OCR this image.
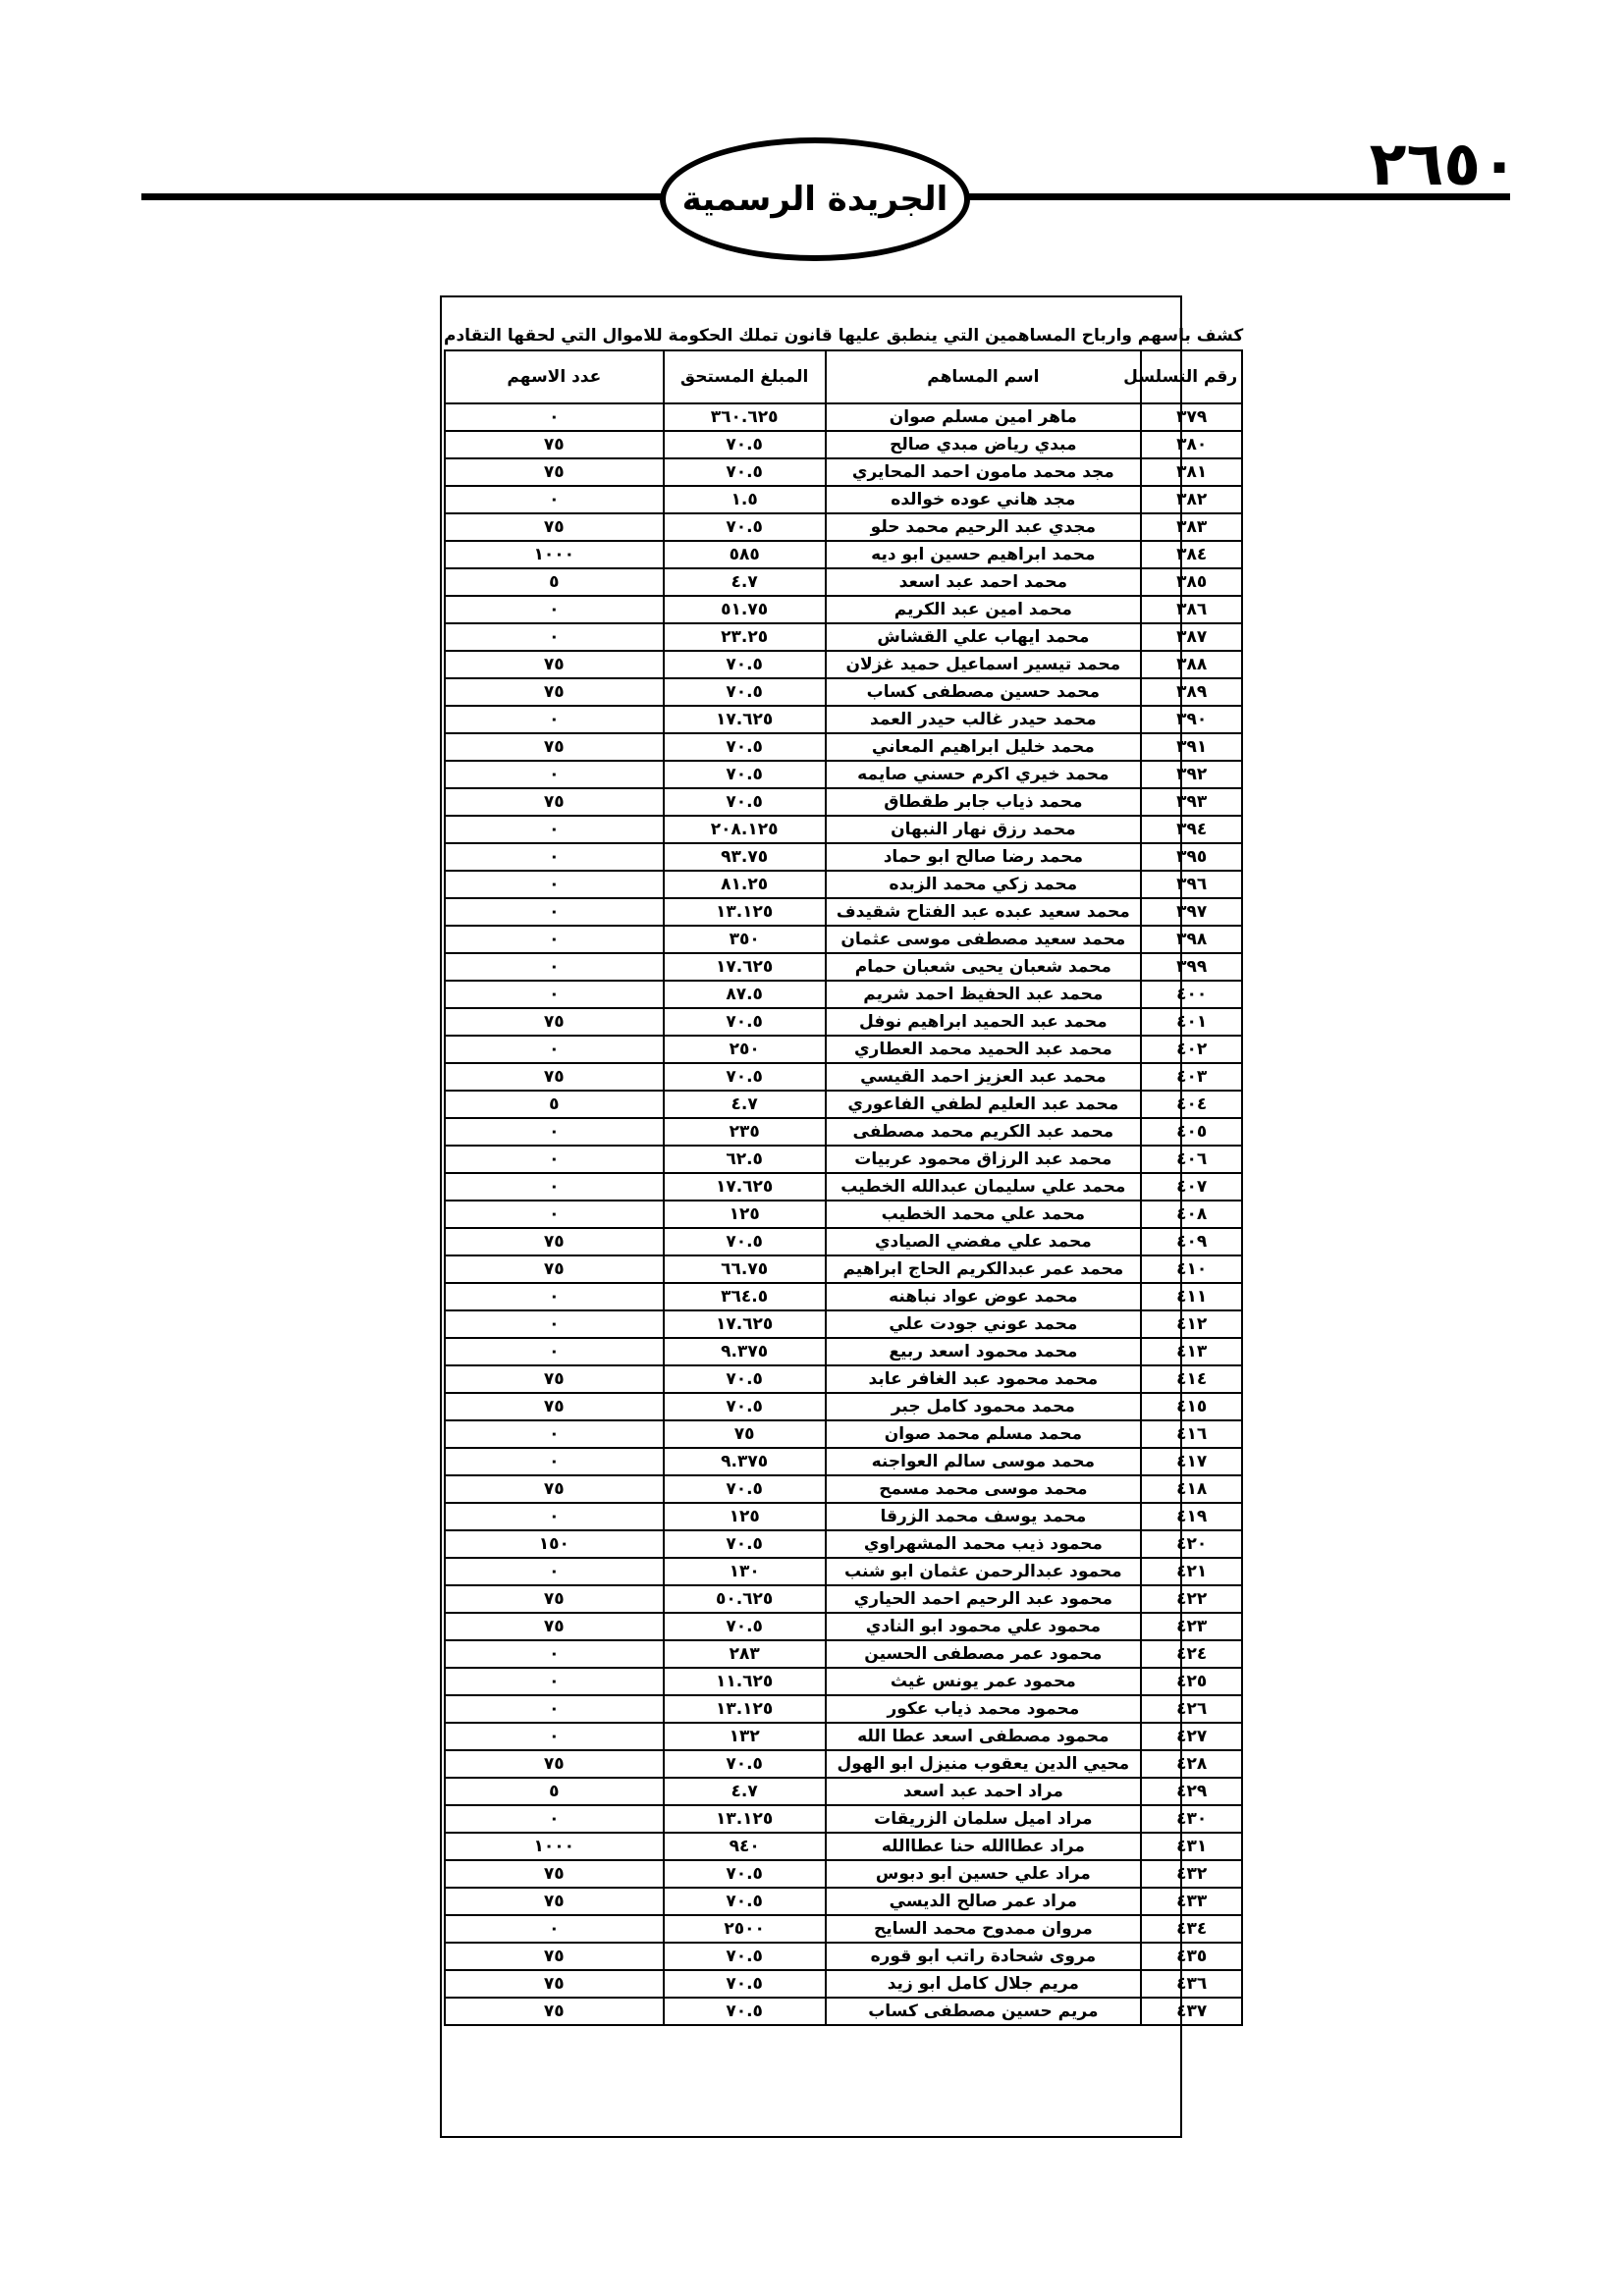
٢٦٥٠
الجريدة الرسمية
كشف باسهم وارباح المساهمين التي ينطبق عليها قانون تملك الحكومة للاموال التي لحقها التقادم
رقم التسلسل	اسم المساهم	المبلغ المستحق	عدد الاسهم
٣٧٩	ماهر امين مسلم صوان	٣٦٠.٦٢٥	٠
٣٨٠	مبدي رياض مبدي صالح	٧٠.٥	٧٥
٣٨١	مجد محمد مامون احمد المحايري	٧٠.٥	٧٥
٣٨٢	مجد هاني عوده خوالده	١.٥	٠
٣٨٣	مجدي عبد الرحيم محمد حلو	٧٠.٥	٧٥
٣٨٤	محمد ابراهيم حسين ابو ديه	٥٨٥	١٠٠٠
٣٨٥	محمد احمد عبد اسعد	٤.٧	٥
٣٨٦	محمد امين عبد الكريم	٥١.٧٥	٠
٣٨٧	محمد ايهاب علي القشاش	٢٣.٢٥	٠
٣٨٨	محمد تيسير اسماعيل حميد غزلان	٧٠.٥	٧٥
٣٨٩	محمد حسين مصطفى كساب	٧٠.٥	٧٥
٣٩٠	محمد حيدر غالب حيدر العمد	١٧.٦٢٥	٠
٣٩١	محمد خليل ابراهيم المعاني	٧٠.٥	٧٥
٣٩٢	محمد خيري اكرم حسني صايمه	٧٠.٥	٠
٣٩٣	محمد ذياب جابر طقطاق	٧٠.٥	٧٥
٣٩٤	محمد رزق نهار النبهان	٢٠٨.١٢٥	٠
٣٩٥	محمد رضا صالح ابو حماد	٩٣.٧٥	٠
٣٩٦	محمد زكي محمد الزبده	٨١.٢٥	٠
٣٩٧	محمد سعيد عبده عبد الفتاح شقيدف	١٣.١٢٥	٠
٣٩٨	محمد سعيد مصطفى موسى عثمان	٣٥٠	٠
٣٩٩	محمد شعبان يحيى شعبان حمام	١٧.٦٢٥	٠
٤٠٠	محمد عبد الحفيظ احمد شريم	٨٧.٥	٠
٤٠١	محمد عبد الحميد ابراهيم نوفل	٧٠.٥	٧٥
٤٠٢	محمد عبد الحميد محمد العطاري	٢٥٠	٠
٤٠٣	محمد عبد العزيز احمد القيسي	٧٠.٥	٧٥
٤٠٤	محمد عبد العليم لطفي الفاعوري	٤.٧	٥
٤٠٥	محمد عبد الكريم محمد مصطفى	٢٣٥	٠
٤٠٦	محمد عبد الرزاق محمود عربيات	٦٢.٥	٠
٤٠٧	محمد علي سليمان عبدالله الخطيب	١٧.٦٢٥	٠
٤٠٨	محمد علي محمد الخطيب	١٢٥	٠
٤٠٩	محمد علي مفضي الصيادي	٧٠.٥	٧٥
٤١٠	محمد عمر عبدالكريم الحاج ابراهيم	٦٦.٧٥	٧٥
٤١١	محمد عوض عواد نباهنه	٣٦٤.٥	٠
٤١٢	محمد عوني جودت علي	١٧.٦٢٥	٠
٤١٣	محمد محمود اسعد ربيع	٩.٣٧٥	٠
٤١٤	محمد محمود عبد الغافر عابد	٧٠.٥	٧٥
٤١٥	محمد محمود كامل جبر	٧٠.٥	٧٥
٤١٦	محمد مسلم محمد صوان	٧٥	٠
٤١٧	محمد موسى سالم العواجنه	٩.٣٧٥	٠
٤١٨	محمد موسى محمد مسمح	٧٠.٥	٧٥
٤١٩	محمد يوسف محمد الزرقا	١٢٥	٠
٤٢٠	محمود ذيب محمد المشهراوي	٧٠.٥	١٥٠
٤٢١	محمود عبدالرحمن عثمان ابو شنب	١٣٠	٠
٤٢٢	محمود عبد الرحيم احمد الحياري	٥٠.٦٢٥	٧٥
٤٢٣	محمود علي محمود ابو النادي	٧٠.٥	٧٥
٤٢٤	محمود عمر مصطفى الحسين	٢٨٣	٠
٤٢٥	محمود عمر يونس غيث	١١.٦٢٥	٠
٤٢٦	محمود محمد ذياب عكور	١٣.١٢٥	٠
٤٢٧	محمود مصطفى اسعد عطا الله	١٣٢	٠
٤٢٨	محيي الدين يعقوب منيزل ابو الهول	٧٠.٥	٧٥
٤٢٩	مراد احمد عبد اسعد	٤.٧	٥
٤٣٠	مراد اميل سلمان الزريقات	١٣.١٢٥	٠
٤٣١	مراد عطاالله حنا عطاالله	٩٤٠	١٠٠٠
٤٣٢	مراد علي حسين ابو دبوس	٧٠.٥	٧٥
٤٣٣	مراد عمر صالح الديسي	٧٠.٥	٧٥
٤٣٤	مروان ممدوح محمد السايح	٢٥٠٠	٠
٤٣٥	مروى شحادة راتب ابو قوره	٧٠.٥	٧٥
٤٣٦	مريم جلال كامل ابو زيد	٧٠.٥	٧٥
٤٣٧	مريم حسين مصطفى كساب	٧٠.٥	٧٥
